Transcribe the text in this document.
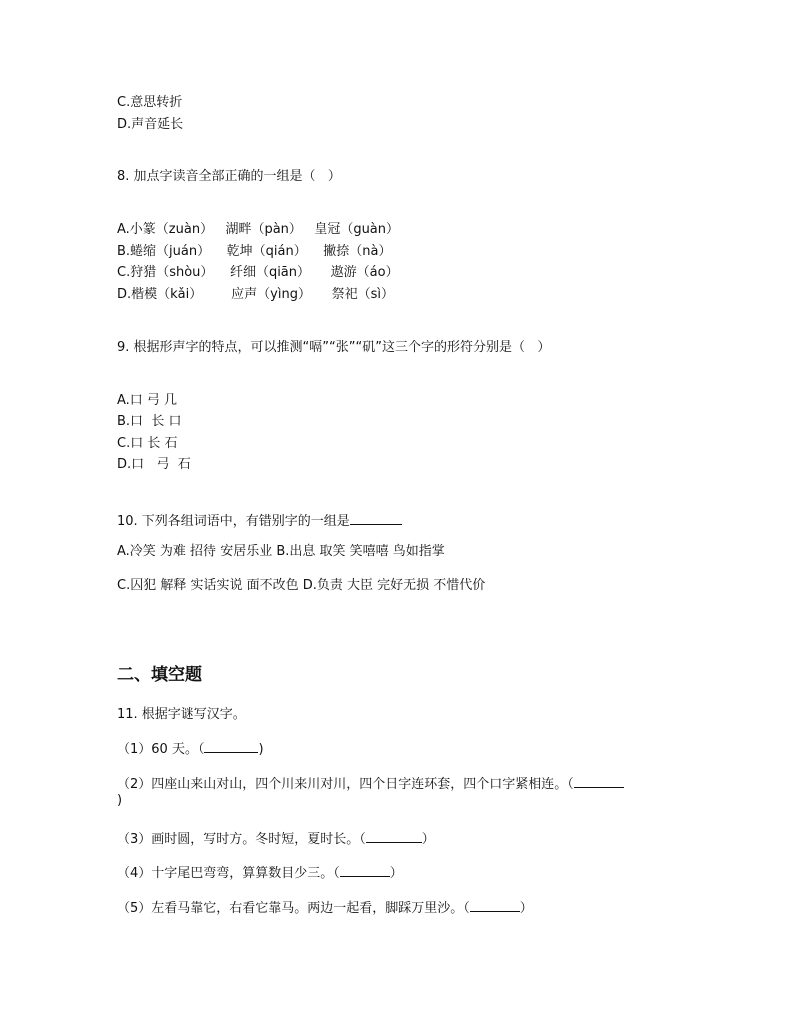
C.意思转折
D.声音延长
8. 加点字读音全部正确的一组是（   ）
A.小篆（zuàn）   湖畔（pàn）   皇冠（guàn）
B.蜷缩（juán）    乾坤（qián）    撇捺（nà）
C.狩猎（shòu）    纤细（qiān）     遨游（áo）
D.楷模（kǎi）       应声（yìng）     祭祀（sì）
9. 根据形声字的特点，可以推测“嗝”“张”“矶”这三个字的形符分别是（   ）
A.口 弓 几
B.口  长 口
C.口 长 石
D.口   弓  石
10. 下列各组词语中，有错别字的一组是
A.冷笑 为难 招待 安居乐业 B.出息 取笑 笑嘻嘻 鸟如指掌
C.囚犯 解释 实话实说 面不改色 D.负责 大臣 完好无损 不惜代价
二、填空题
11. 根据字谜写汉字。
（1）60 天。（	)
（2）四座山来山对山，四个川来川对川，四个日字连环套，四个口字紧相连。（
)
（3）画时圆，写时方。冬时短，夏时长。（	）
（4）十字尾巴弯弯，算算数目少三。（	）
（5）左看马靠它，右看它靠马。两边一起看，脚踩万里沙。（	）
